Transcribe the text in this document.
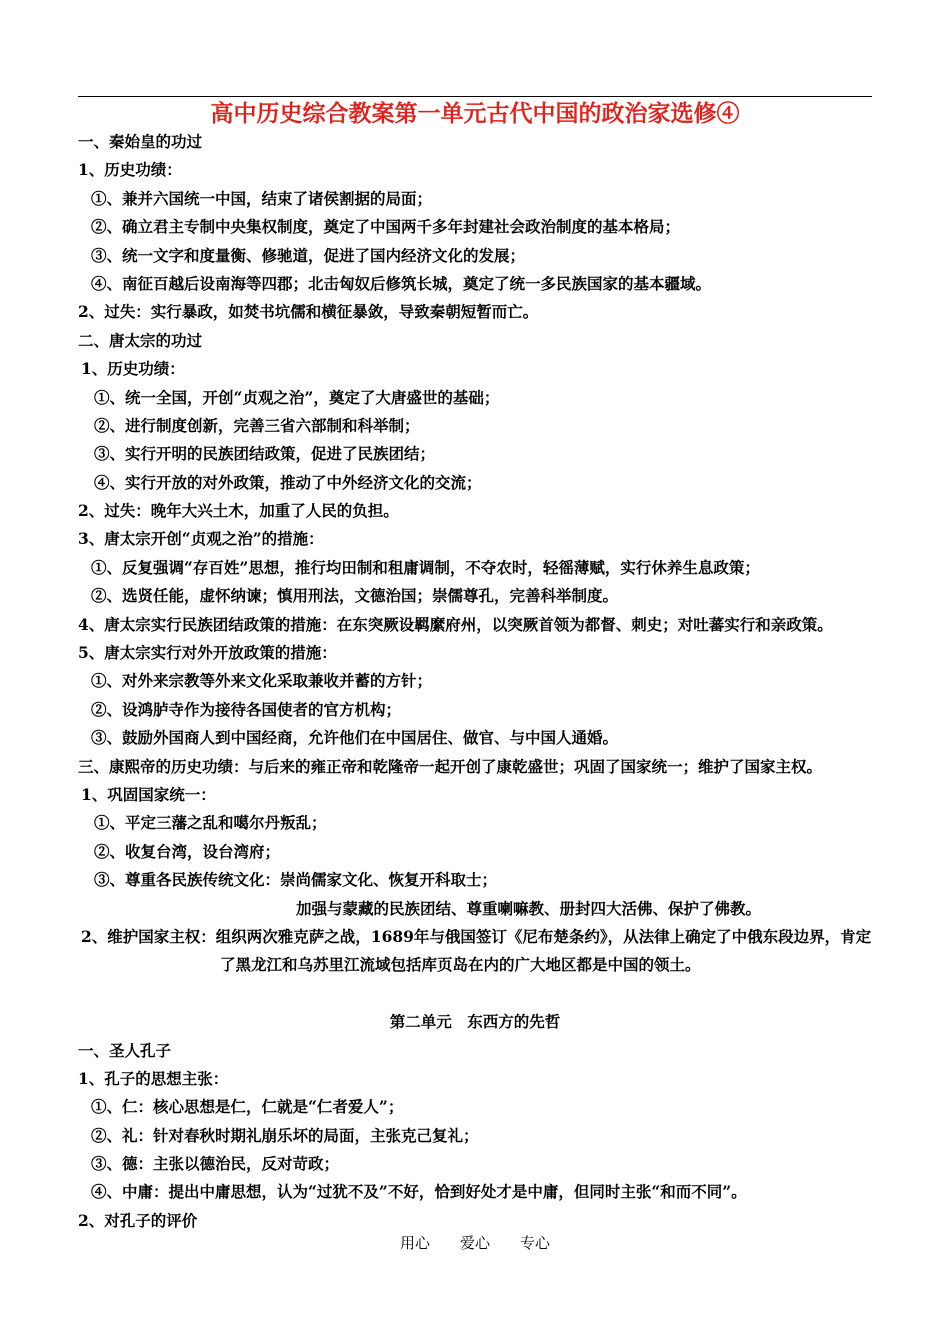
高中历史综合教案第一单元古代中国的政治家选修④
一、秦始皇的功过
1、历史功绩：
①、兼并六国统一中国，结束了诸侯割据的局面；
②、确立君主专制中央集权制度，奠定了中国两千多年封建社会政治制度的基本格局；
③、统一文字和度量衡、修驰道，促进了国内经济文化的发展；
④、南征百越后设南海等四郡；北击匈奴后修筑长城，奠定了统一多民族国家的基本疆域。
2、过失：实行暴政，如焚书坑儒和横征暴敛，导致秦朝短暂而亡。
二、唐太宗的功过
1、历史功绩：
①、统一全国，开创“贞观之治”，奠定了大唐盛世的基础；
②、进行制度创新，完善三省六部制和科举制；
③、实行开明的民族团结政策，促进了民族团结；
④、实行开放的对外政策，推动了中外经济文化的交流；
2、过失：晚年大兴土木，加重了人民的负担。
3、唐太宗开创“贞观之治”的措施：
①、反复强调“存百姓”思想，推行均田制和租庸调制，不夺农时，轻徭薄赋，实行休养生息政策；
②、选贤任能，虚怀纳谏；慎用刑法，文德治国；崇儒尊孔，完善科举制度。
4、唐太宗实行民族团结政策的措施：在东突厥设羁縻府州，以突厥首领为都督、刺史；对吐蕃实行和亲政策。
5、唐太宗实行对外开放政策的措施：
①、对外来宗教等外来文化采取兼收并蓄的方针；
②、设鸿胪寺作为接待各国使者的官方机构；
③、鼓励外国商人到中国经商，允许他们在中国居住、做官、与中国人通婚。
三、康熙帝的历史功绩：与后来的雍正帝和乾隆帝一起开创了康乾盛世；巩固了国家统一；维护了国家主权。
1、巩固国家统一：
①、平定三藩之乱和噶尔丹叛乱；
②、收复台湾，设台湾府；
③、尊重各民族传统文化：崇尚儒家文化、恢复开科取士；
加强与蒙藏的民族团结、尊重喇嘛教、册封四大活佛、保护了佛教。
2、维护国家主权：组织两次雅克萨之战，1689年与俄国签订《尼布楚条约》，从法律上确定了中俄东段边界，肯定
了黑龙江和乌苏里江流域包括库页岛在内的广大地区都是中国的领土。
第二单元　东西方的先哲
一、圣人孔子
1、孔子的思想主张：
①、仁：核心思想是仁，仁就是“仁者爱人”；
②、礼：针对春秋时期礼崩乐坏的局面，主张克己复礼；
③、德：主张以德治民，反对苛政；
④、中庸：提出中庸思想，认为“过犹不及”不好，恰到好处才是中庸，但同时主张“和而不同”。
2、对孔子的评价
用心　　爱心　　专心
